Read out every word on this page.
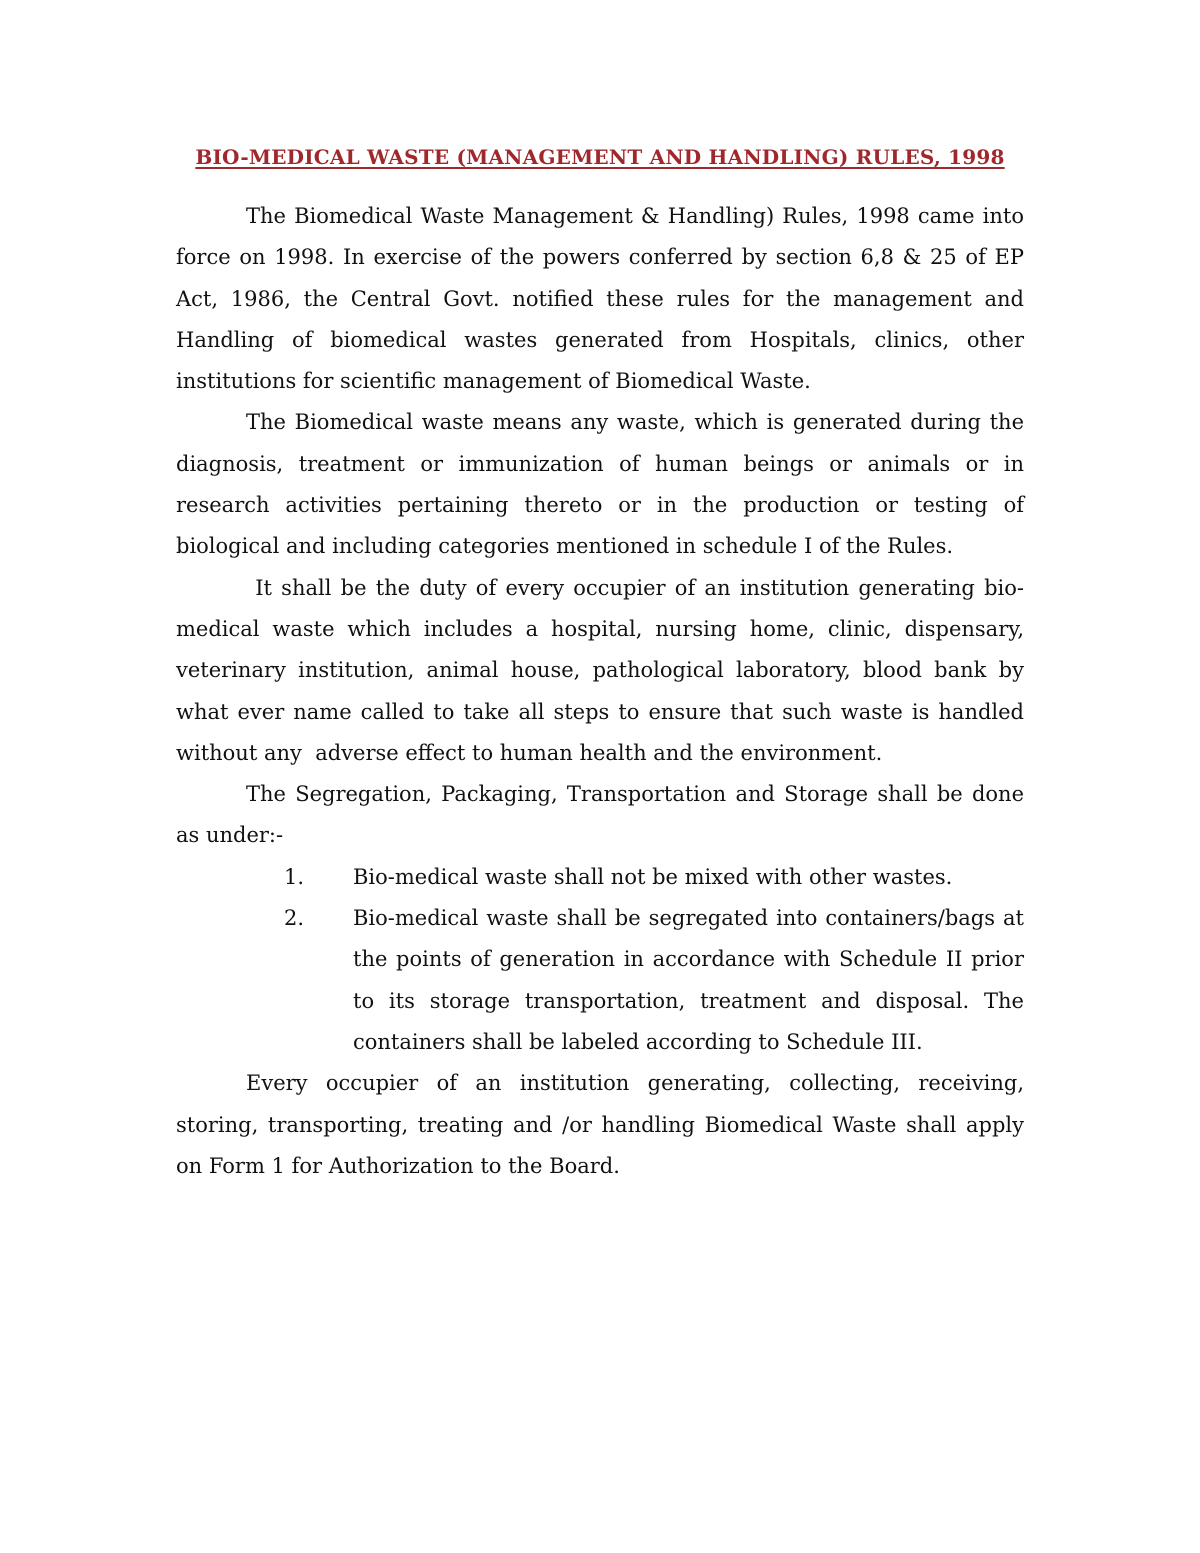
BIO-MEDICAL WASTE (MANAGEMENT AND HANDLING) RULES, 1998

The Biomedical Waste Management & Handling) Rules, 1998 came into force on 1998. In exercise of the powers conferred by section 6,8 & 25 of EP Act, 1986, the Central Govt. notified these rules for the management and Handling of biomedical wastes generated from Hospitals, clinics, other institutions for scientific management of Biomedical Waste.

The Biomedical waste means any waste, which is generated during the diagnosis, treatment or immunization of human beings or animals or in research activities pertaining thereto or in the production or testing of biological and including categories mentioned in schedule I of the Rules.

It shall be the duty of every occupier of an institution generating bio-medical waste which includes a hospital, nursing home, clinic, dispensary, veterinary institution, animal house, pathological laboratory, blood bank by what ever name called to take all steps to ensure that such waste is handled without any  adverse effect to human health and the environment.

The Segregation, Packaging, Transportation and Storage shall be done as under:-

1.	Bio-medical waste shall not be mixed with other wastes.
2.	Bio-medical waste shall be segregated into containers/bags at the points of generation in accordance with Schedule II prior to its storage transportation, treatment and disposal. The containers shall be labeled according to Schedule III.

Every occupier of an institution generating, collecting, receiving, storing, transporting, treating and /or handling Biomedical Waste shall apply on Form 1 for Authorization to the Board.
